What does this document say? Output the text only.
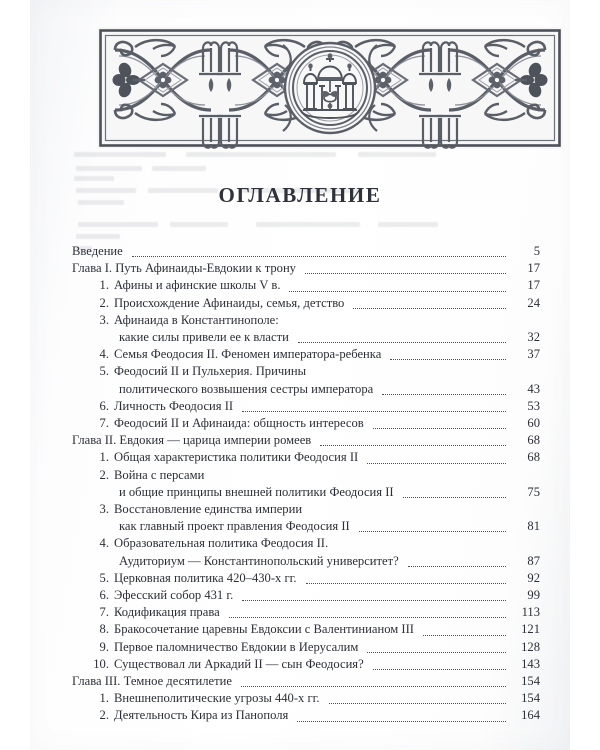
ОГЛАВЛЕНИЕ
Введение	5
Глава I. Путь Афинаиды-Евдокии к трону	17
1. Афины и афинские школы V в.	17
2. Происхождение Афинаиды, семья, детство	24
3. Афинаида в Константинополе:
какие силы привели ее к власти	32
4. Семья Феодосия II. Феномен императора-ребенка	37
5. Феодосий II и Пульхерия. Причины
политического возвышения сестры императора	43
6. Личность Феодосия II	53
7. Феодосий II и Афинаида: общность интересов	60
Глава II. Евдокия — царица империи ромеев	68
1. Общая характеристика политики Феодосия II	68
2. Война с персами
и общие принципы внешней политики Феодосия II	75
3. Восстановление единства империи
как главный проект правления Феодосия II	81
4. Образовательная политика Феодосия II.
Аудиториум — Константинопольский университет?	87
5. Церковная политика 420–430-х гг.	92
6. Эфесский собор 431 г.	99
7. Кодификация права	113
8. Бракосочетание царевны Евдоксии с Валентинианом III	121
9. Первое паломничество Евдокии в Иерусалим	128
10. Существовал ли Аркадий II — сын Феодосия?	143
Глава III. Темное десятилетие	154
1. Внешнеполитические угрозы 440-х гг.	154
2. Деятельность Кира из Панополя	164
